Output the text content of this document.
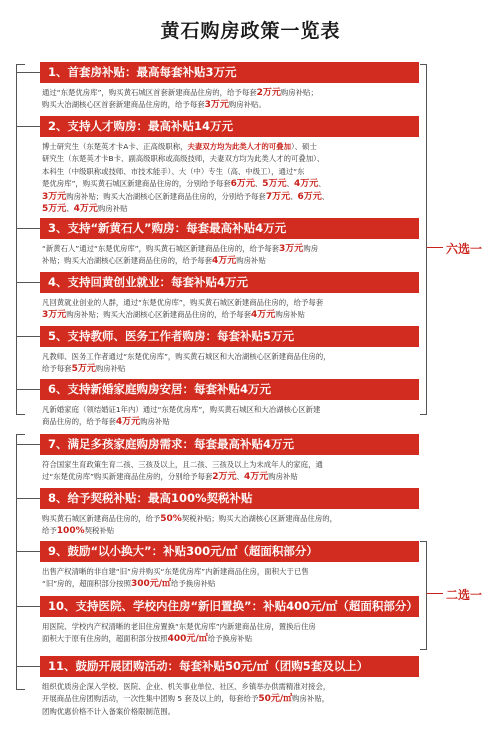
黄石购房政策一览表
六选一
二选一
1、首套房补贴：最高每套补贴3万元
通过“东楚优房库”，购买黄石城区首套新建商品住房的，给予每套2万元购房补贴；
购买大冶湖核心区首套新建商品住房的，给予每套3万元购房补贴。
2、支持人才购房：最高补贴14万元
博士研究生（东楚英才卡A卡、正高级职称，夫妻双方均为此类人才的可叠加）、硕士
研究生（东楚英才卡B卡、副高级职称或高级技师，夫妻双方均为此类人才的可叠加）、
本科生（中级职称或技师、市技术能手）、大（中）专生（高、中级工），通过“东
楚优房库”，购买黄石城区新建商品住房的，分别给予每套6万元、5万元、4万元、
3万元购房补贴；购买大冶湖核心区新建商品住房的，分别给予每套7万元、6万元、
5万元、4万元购房补贴
3、支持“新黄石人”购房：每套最高补贴4万元
“新黄石人”通过“东楚优房库”，购买黄石城区新建商品住房的，给予每套3万元购房
补贴；购买大冶湖核心区新建商品住房的，给予每套4万元购房补贴
4、支持回黄创业就业：每套补贴4万元
凡回黄就业创业的人群，通过“东楚优房库”，购买黄石城区新建商品住房的，给予每套
3万元购房补贴；购买大冶湖核心区新建商品住房的，给予每套4万元购房补贴
5、支持教师、医务工作者购房：每套补贴5万元
凡教师、医务工作者通过“东楚优房库”，购买黄石城区和大冶湖核心区新建商品住房的，
给予每套5万元购房补贴
6、支持新婚家庭购房安居：每套补贴4万元
凡新婚家庭（领结婚证1年内）通过“东楚优房库”，购买黄石城区和大冶湖核心区新建
商品住房的，给予每套4万元购房补贴
7、满足多孩家庭购房需求：每套最高补贴4万元
符合国家生育政策生育二孩、三孩及以上，且二孩、三孩及以上为未成年人的家庭，通
过“东楚优房库”购买新建商品住房的，分别给予每套2万元、4万元购房补贴
8、给予契税补贴：最高100%契税补贴
购买黄石城区新建商品住房的，给予50%契税补贴；购买大冶湖核心区新建商品住房的，
给予100%契税补贴
9、鼓励“以小换大”：补贴300元/㎡（超面积部分）
出售产权清晰的非自建“旧”房并购买“东楚优房库”内新建商品住房，面积大于已售
“旧”房的，超面积部分按照300元/㎡给予换房补贴
10、支持医院、学校内住房“新旧置换”：补贴400元/㎡（超面积部分）
用医院、学校内产权清晰的老旧住房置换“东楚优房库”内新建商品住房，置换后住房
面积大于原有住房的，超面积部分按照400元/㎡给予换房补贴
11、鼓励开展团购活动：每套补贴50元/㎡（团购5套及以上）
组织优质房企深入学校、医院、企业、机关事业单位、社区、乡镇举办供需精准对接会，
开展商品住房团购活动，一次性集中团购 5 套及以上的，每套给予50元/㎡购房补贴，
团购优惠价格不计入备案价格限制范围。
